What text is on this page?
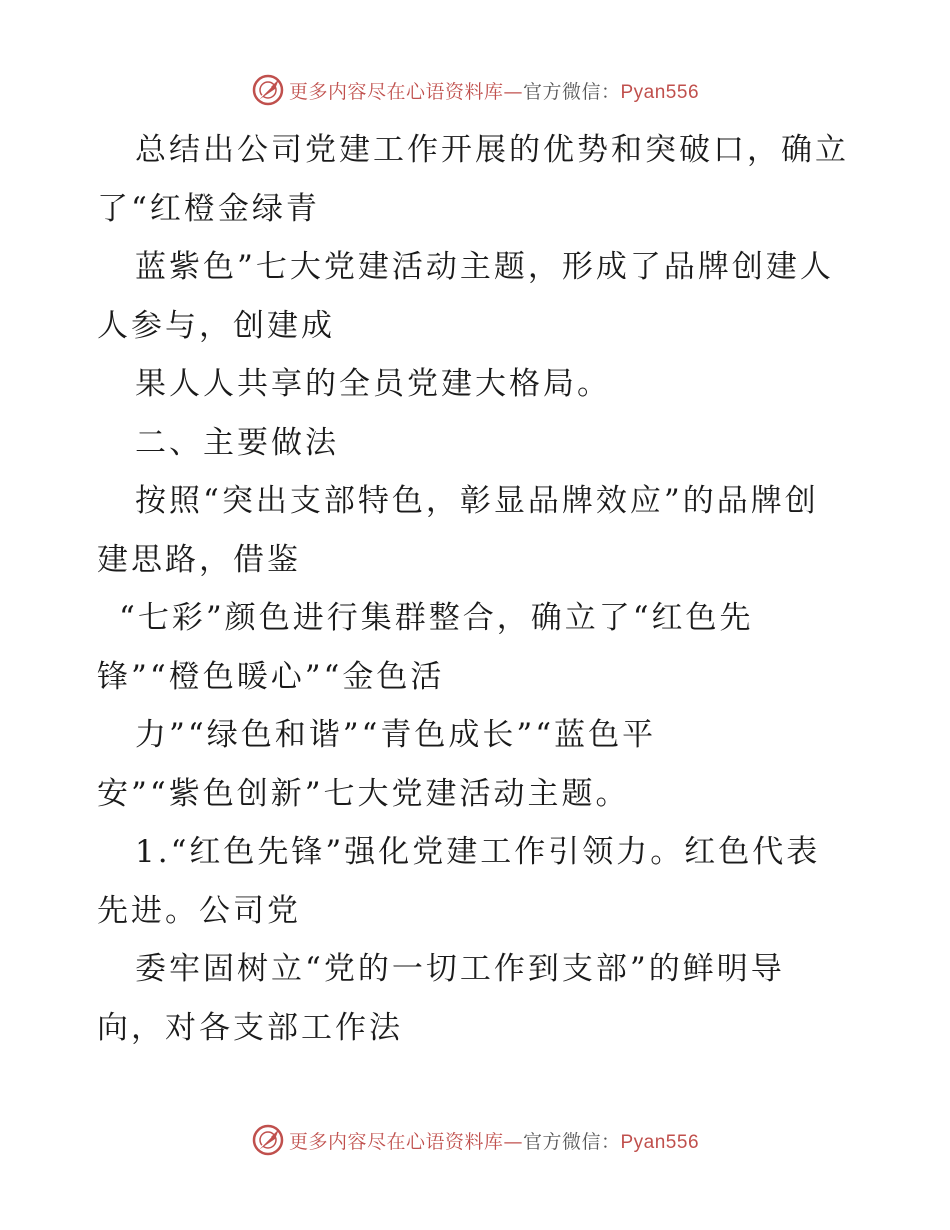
更多内容尽在心语资料库—官方微信：Pyan556
总结出公司党建工作开展的优势和突破口，确立
了“红橙金绿青
蓝紫色”七大党建活动主题，形成了品牌创建人
人参与，创建成
果人人共享的全员党建大格局。
二、主要做法
按照“突出支部特色，彰显品牌效应”的品牌创
建思路，借鉴
“七彩”颜色进行集群整合，确立了“红色先
锋”“橙色暖心”“金色活
力”“绿色和谐”“青色成长”“蓝色平
安”“紫色创新”七大党建活动主题。
1.“红色先锋”强化党建工作引领力。红色代表
先进。公司党
委牢固树立“党的一切工作到支部”的鲜明导
向，对各支部工作法
更多内容尽在心语资料库—官方微信：Pyan556
